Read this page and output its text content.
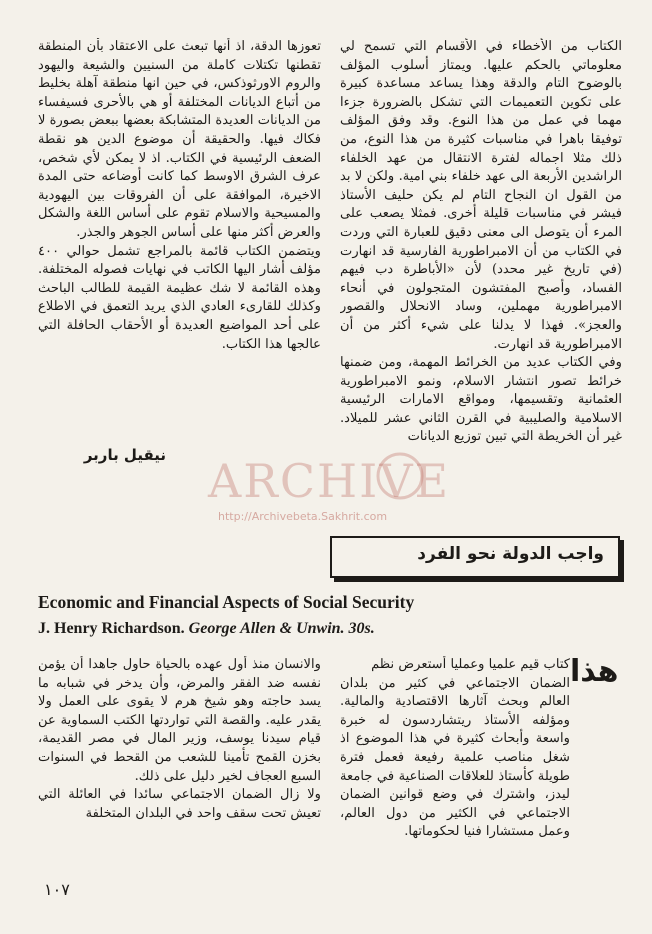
الكتاب من الأخطاء في الأقسام التي تسمح لي معلوماتي بالحكم عليها. ويمتاز أسلوب المؤلف بالوضوح التام والدقة وهذا يساعد مساعدة كبيرة على تكوين التعميمات التي تشكل بالضرورة جزءا مهما في عمل من هذا النوع. وقد وفق المؤلف توفيقا باهرا في مناسبات كثيرة من هذا النوع، من ذلك مثلا اجماله لفترة الانتقال من عهد الخلفاء الراشدين الأربعة الى عهد خلفاء بني امية. ولكن لا بد من القول ان النجاح التام لم يكن حليف الأستاذ فيشر في مناسبات قليلة أخرى. فمثلا يصعب على المرء أن يتوصل الى معنى دقيق للعبارة التي وردت في الكتاب من أن الامبراطورية الفارسية قد انهارت (في تاريخ غير محدد) لأن «الأباطرة دب فيهم الفساد، وأصبح المفتشون المتجولون في أنحاء الامبراطورية مهملين، وساد الانحلال والقصور والعجز». فهذا لا يدلنا على شيء أكثر من أن الامبراطورية قد انهارت.
وفي الكتاب عديد من الخرائط المهمة، ومن ضمنها خرائط تصور انتشار الاسلام، ونمو الامبراطورية العثمانية وتقسيمها، ومواقع الامارات الرئيسية الاسلامية والصليبية في القرن الثاني عشر للميلاد. غير أن الخريطة التي تبين توزيع الديانات
تعوزها الدقة، اذ أنها تبعث على الاعتقاد بأن المنطقة تقطنها تكتلات كاملة من السنيين والشيعة واليهود والروم الاورثوذكس، في حين انها منطقة آهلة بخليط من أتباع الديانات المختلفة أو هي بالأحرى فسيفساء من الديانات العديدة المتشابكة بعضها ببعض بصورة لا فكاك فيها. والحقيقة أن موضوع الدين هو نقطة الضعف الرئيسية في الكتاب. اذ لا يمكن لأي شخص، عرف الشرق الاوسط كما كانت أوضاعه حتى المدة الاخيرة، الموافقة على أن الفروقات بين اليهودية والمسيحية والاسلام تقوم على أساس اللغة والشكل والعرض أكثر منها على أساس الجوهر والجذر.
ويتضمن الكتاب قائمة بالمراجع تشمل حوالي ٤٠٠ مؤلف أشار اليها الكاتب في نهايات فصوله المختلفة. وهذه القائمة لا شك عظيمة القيمة للطالب الباحث وكذلك للقارىء العادي الذي يريد التعمق في الاطلاع على أحد المواضيع العديدة أو الأحقاب الحافلة التي عالجها هذا الكتاب.
نيقيل باربر ARCHIVE
http://Archivebeta.Sakhrit.com
واجب الدولة نحو الفرد
Economic and Financial Aspects of Social Security
J. Henry Richardson. George Allen & Unwin. 30s.
هذا
كتاب قيم علميا وعمليا أستعرض نظم
الضمان الاجتماعي في كثير من بلدان العالم وبحث آثارها الاقتصادية والمالية. ومؤلفه الأستاذ ريتشاردسون له خبرة واسعة وأبحاث كثيرة في هذا الموضوع اذ شغل مناصب علمية رفيعة فعمل فترة طويلة كأستاذ للعلاقات الصناعية في جامعة ليدز، واشترك في وضع قوانين الضمان الاجتماعي في الكثير من دول العالم، وعمل مستشارا فنيا لحكوماتها.
والانسان منذ أول عهده بالحياة حاول جاهدا أن يؤمن نفسه ضد الفقر والمرض، وأن يدخر في شبابه ما يسد حاجته وهو شيخ هرم لا يقوى على العمل ولا يقدر عليه. والقصة التي تواردتها الكتب السماوية عن قيام سيدنا يوسف، وزير المال في مصر القديمة، بخزن القمح تأمينا للشعب من القحط في السنوات السبع العجاف لخير دليل على ذلك.
ولا زال الضمان الاجتماعي سائدا في العائلة التي تعيش تحت سقف واحد في البلدان المتخلفة
١٠٧
